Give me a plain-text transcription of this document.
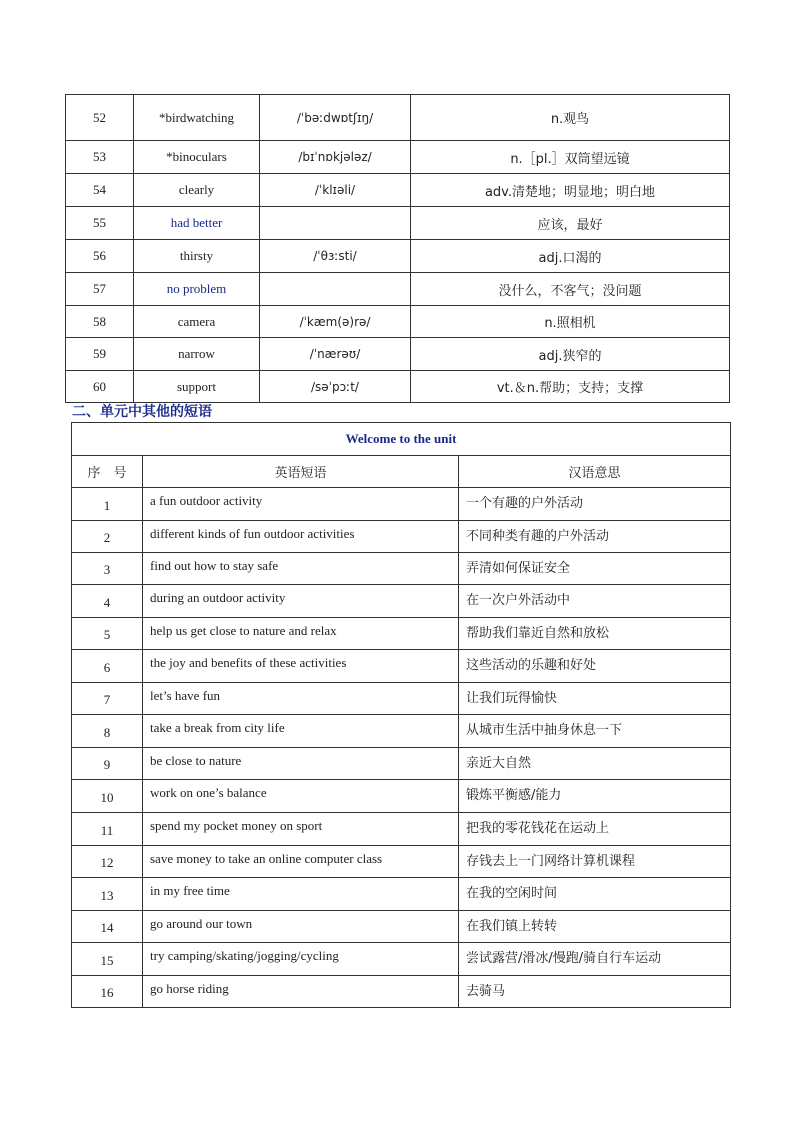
52	*birdwatching	/ˈbəːdwɒtʃɪŋ/	n.观鸟
53	*binoculars	/bɪˈnɒkjələz/	n.［pl.］双筒望远镜
54	clearly	/ˈklɪəli/	adv.清楚地；明显地；明白地
55	had better		应该，最好
56	thirsty	/ˈθɜːsti/	adj.口渴的
57	no problem		没什么，不客气；没问题
58	camera	/ˈkæm(ə)rə/	n.照相机
59	narrow	/ˈnærəʊ/	adj.狭窄的
60	support	/səˈpɔːt/	vt.＆n.帮助；支持；支撑
二、单元中其他的短语
Welcome to the unit		
序　号	英语短语	汉语意思
1	a fun outdoor activity	一个有趣的户外活动
2	different kinds of fun outdoor activities	不同种类有趣的户外活动
3	find out how to stay safe	弄清如何保证安全
4	during an outdoor activity	在一次户外活动中
5	help us get close to nature and relax	帮助我们靠近自然和放松
6	the joy and benefits of these activities	这些活动的乐趣和好处
7	let’s have fun	让我们玩得愉快
8	take a break from city life	从城市生活中抽身休息一下
9	be close to nature	亲近大自然
10	work on one’s balance	锻炼平衡感/能力
11	spend my pocket money on sport	把我的零花钱花在运动上
12	save money to take an online computer class	存钱去上一门网络计算机课程
13	in my free time	在我的空闲时间
14	go around our town	在我们镇上转转
15	try camping/skating/jogging/cycling	尝试露营/滑冰/慢跑/骑自行车运动
16	go horse riding	去骑马
